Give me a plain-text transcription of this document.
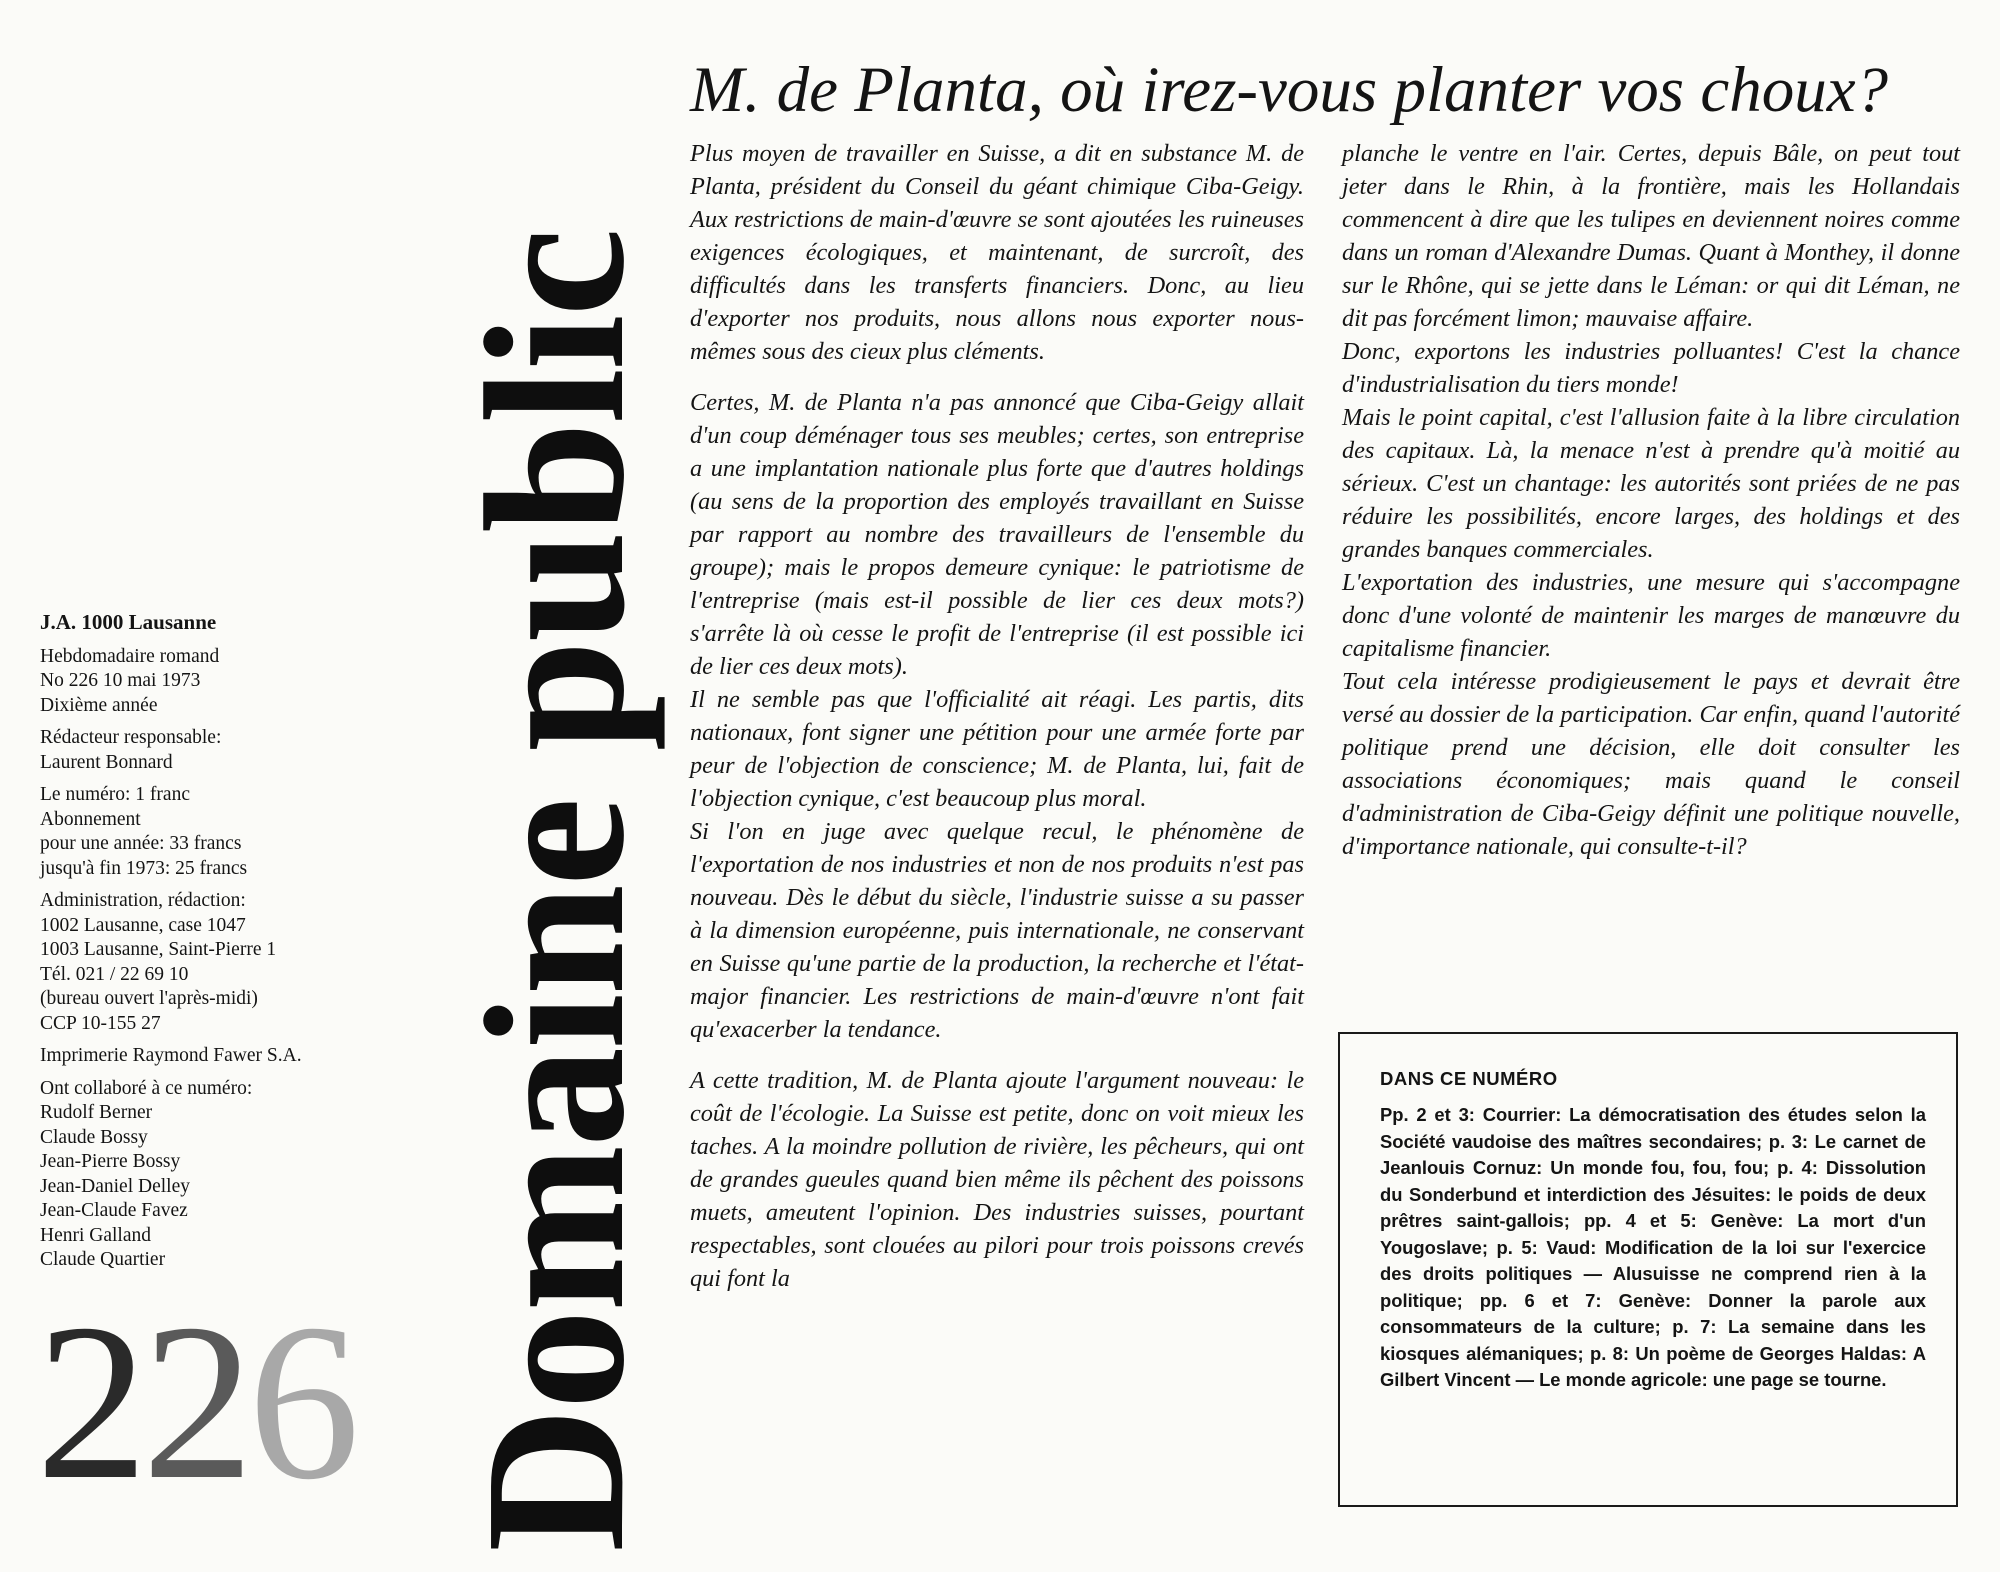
J.A. 1000 Lausanne
Hebdomadaire romand
No 226 10 mai 1973
Dixième année
Rédacteur responsable:
Laurent Bonnard
Le numéro: 1 franc
Abonnement
pour une année: 33 francs
jusqu'à fin 1973: 25 francs
Administration, rédaction:
1002 Lausanne, case 1047
1003 Lausanne, Saint-Pierre 1
Tél. 021 / 22 69 10
(bureau ouvert l'après-midi)
CCP 10-155 27
Imprimerie Raymond Fawer S.A.
Ont collaboré à ce numéro:
Rudolf Berner
Claude Bossy
Jean-Pierre Bossy
Jean-Daniel Delley
Jean-Claude Favez
Henri Galland
Claude Quartier
226 Domaine public
M. de Planta, où irez-vous planter vos choux?

Plus moyen de travailler en Suisse, a dit en substance M. de Planta, président du Conseil du géant chimique Ciba-Geigy. Aux restrictions de main-d'œuvre se sont ajoutées les ruineuses exigences écologiques, et maintenant, de surcroît, des difficultés dans les transferts financiers. Donc, au lieu d'exporter nos produits, nous allons nous exporter nous-mêmes sous des cieux plus cléments.

Certes, M. de Planta n'a pas annoncé que Ciba-Geigy allait d'un coup déménager tous ses meubles; certes, son entreprise a une implantation nationale plus forte que d'autres holdings (au sens de la proportion des employés travaillant en Suisse par rapport au nombre des travailleurs de l'ensemble du groupe); mais le propos demeure cynique: le patriotisme de l'entreprise (mais est-il possible de lier ces deux mots?) s'arrête là où cesse le profit de l'entreprise (il est possible ici de lier ces deux mots).

Il ne semble pas que l'officialité ait réagi. Les partis, dits nationaux, font signer une pétition pour une armée forte par peur de l'objection de conscience; M. de Planta, lui, fait de l'objection cynique, c'est beaucoup plus moral.

Si l'on en juge avec quelque recul, le phénomène de l'exportation de nos industries et non de nos produits n'est pas nouveau. Dès le début du siècle, l'industrie suisse a su passer à la dimension européenne, puis internationale, ne conservant en Suisse qu'une partie de la production, la recherche et l'état-major financier. Les restrictions de main-d'œuvre n'ont fait qu'exacerber la tendance.

A cette tradition, M. de Planta ajoute l'argument nouveau: le coût de l'écologie. La Suisse est petite, donc on voit mieux les taches. A la moindre pollution de rivière, les pêcheurs, qui ont de grandes gueules quand bien même ils pêchent des poissons muets, ameutent l'opinion. Des industries suisses, pourtant respectables, sont clouées au pilori pour trois poissons crevés qui font la

planche le ventre en l'air. Certes, depuis Bâle, on peut tout jeter dans le Rhin, à la frontière, mais les Hollandais commencent à dire que les tulipes en deviennent noires comme dans un roman d'Alexandre Dumas. Quant à Monthey, il donne sur le Rhône, qui se jette dans le Léman: or qui dit Léman, ne dit pas forcément limon; mauvaise affaire.

Donc, exportons les industries polluantes! C'est la chance d'industrialisation du tiers monde!

Mais le point capital, c'est l'allusion faite à la libre circulation des capitaux. Là, la menace n'est à prendre qu'à moitié au sérieux. C'est un chantage: les autorités sont priées de ne pas réduire les possibilités, encore larges, des holdings et des grandes banques commerciales.

L'exportation des industries, une mesure qui s'accompagne donc d'une volonté de maintenir les marges de manœuvre du capitalisme financier.

Tout cela intéresse prodigieusement le pays et devrait être versé au dossier de la participation. Car enfin, quand l'autorité politique prend une décision, elle doit consulter les associations économiques; mais quand le conseil d'administration de Ciba-Geigy définit une politique nouvelle, d'importance nationale, qui consulte-t-il?

DANS CE NUMÉRO
Pp. 2 et 3: Courrier: La démocratisation des études selon la Société vaudoise des maîtres secondaires; p. 3: Le carnet de Jeanlouis Cornuz: Un monde fou, fou, fou; p. 4: Dissolution du Sonderbund et interdiction des Jésuites: le poids de deux prêtres saint-gallois; pp. 4 et 5: Genève: La mort d'un Yougoslave; p. 5: Vaud: Modification de la loi sur l'exercice des droits politiques — Alusuisse ne comprend rien à la politique; pp. 6 et 7: Genève: Donner la parole aux consommateurs de la culture; p. 7: La semaine dans les kiosques alémaniques; p. 8: Un poème de Georges Haldas: A Gilbert Vincent — Le monde agricole: une page se tourne.
